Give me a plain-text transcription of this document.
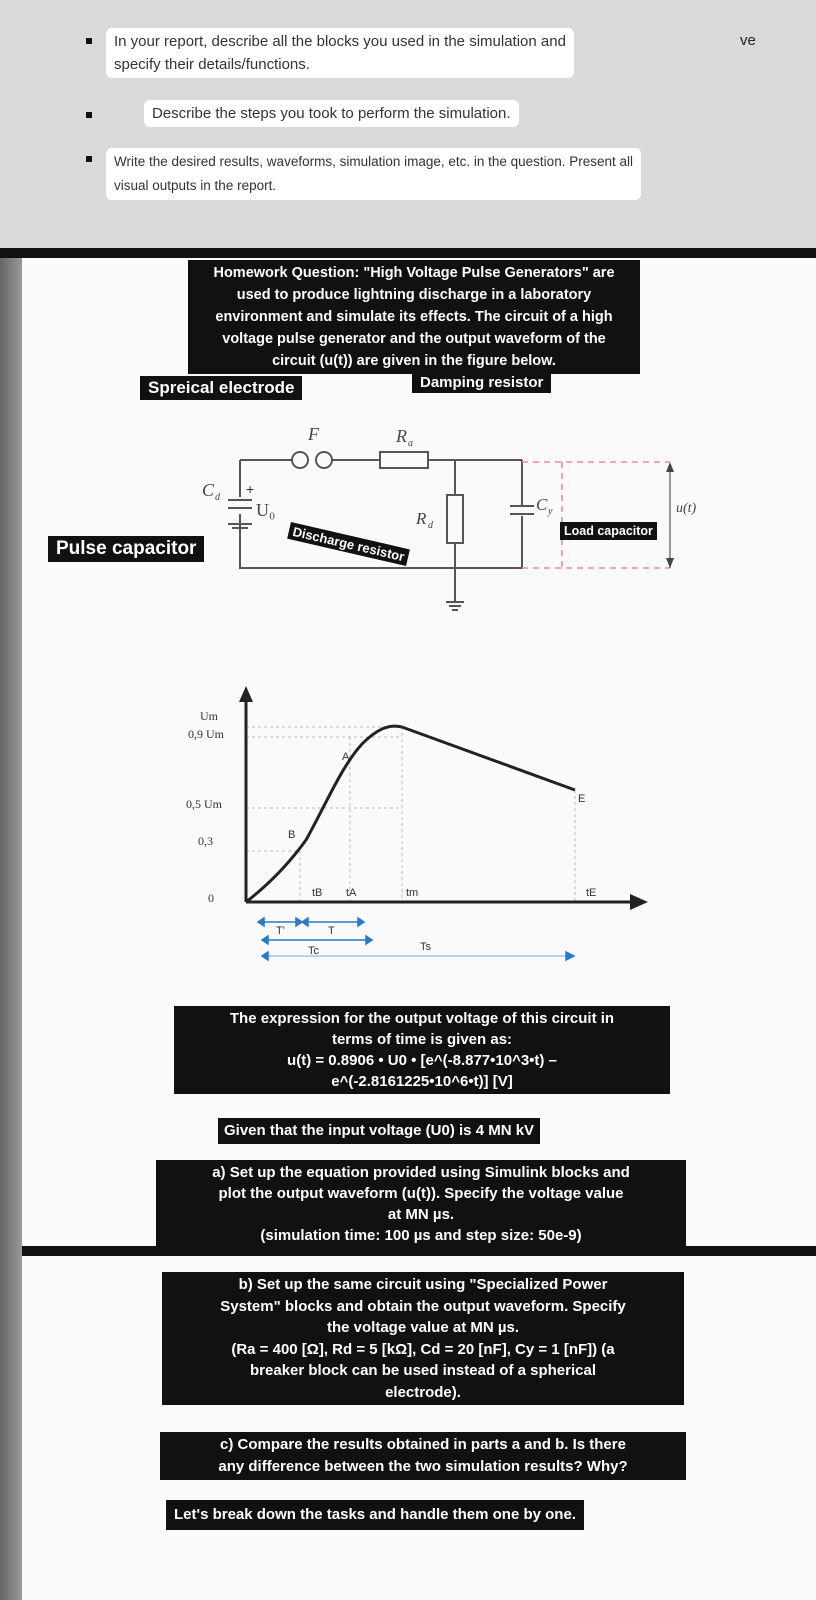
In your report, describe all the blocks you used in the simulation and
specify their details/functions.
Describe the steps you took to perform the simulation.
Write the desired results, waveforms, simulation image, etc. in the question. Present all
visual outputs in the report.
ve
Homework Question: "High Voltage Pulse Generators" are
used to produce lightning discharge in a laboratory
environment and simulate its effects. The circuit of a high
voltage pulse generator and the output waveform of the
circuit (u(t)) are given in the figure below.
Spreical electrode	Damping resistor
Pulse capacitor
F	R a
R d
C d
+
U₀	C y	u(t)
Discharge resistor	Load capacitor
Um
0,9 Um
0,5 Um
0,3
0
A
B
E
tB tA	tm	tE
T'	T
Tc	Ts
The expression for the output voltage of this circuit in
terms of time is given as:
u(t) = 0.8906 • U0 • [e^(-8.877•10^3•t) –
e^(-2.8161225•10^6•t)] [V]
Given that the input voltage (U0) is 4 MN kV
a) Set up the equation provided using Simulink blocks and
plot the output waveform (u(t)). Specify the voltage value
at MN µs.
(simulation time: 100 µs and step size: 50e-9)
b) Set up the same circuit using "Specialized Power
System" blocks and obtain the output waveform. Specify
the voltage value at MN µs.
(Ra = 400 [Ω], Rd = 5 [kΩ], Cd = 20 [nF], Cy = 1 [nF]) (a
breaker block can be used instead of a spherical
electrode).
c) Compare the results obtained in parts a and b. Is there
any difference between the two simulation results? Why?
Let's break down the tasks and handle them one by one.
